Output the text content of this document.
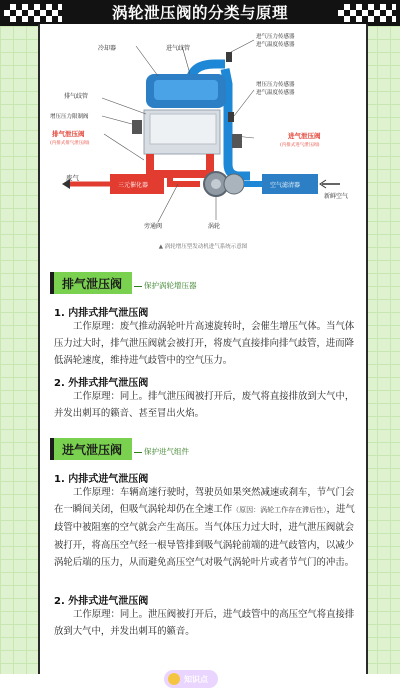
涡轮泄压阀的分类与原理
冷却器	进气歧管
进气压力传感器
进气温度传感器
排气歧管
增压压力限制阀
排气泄压阀
(内排式排气泄压阀)
增压压力传感器
进气温度传感器
进气泄压阀
(内排式进气泄压阀)
废气
三元催化器	空气滤清器
新鲜空气
旁通阀	涡轮
▲ 涡轮增压型发动机进气系统示意图
排气泄压阀	保护涡轮增压器
1. 内排式排气泄压阀
工作原理：废气推动涡轮叶片高速旋转时，会催生增压气体。当气体压力过大时，排气泄压阀就会被打开，将废气直接排向排气歧管，进而降低涡轮速度，维持进气歧管中的空气压力。
2. 外排式排气泄压阀
工作原理：同上。排气泄压阀被打开后，废气将直接排放到大气中，并发出刺耳的籁音、甚至冒出火焰。
进气泄压阀	保护进气组件
1. 内排式进气泄压阀
工作原理：车辆高速行驶时，驾驶员如果突然减速或刹车，节气门会在一瞬间关闭，但吸气涡轮却仍在全速工作（原因：涡轮工作存在滞后性），进气歧管中被阻塞的空气就会产生高压。当气体压力过大时，进气泄压阀就会被打开，将高压空气经一根导管排到吸气涡轮前端的进气歧管内，以减少涡轮后端的压力，从而避免高压空气对吸气涡轮叶片或者节气门的冲击。
2. 外排式进气泄压阀
工作原理：同上。泄压阀被打开后，进气歧管中的高压空气将直接排放到大气中，并发出刺耳的籁音。
知识点
